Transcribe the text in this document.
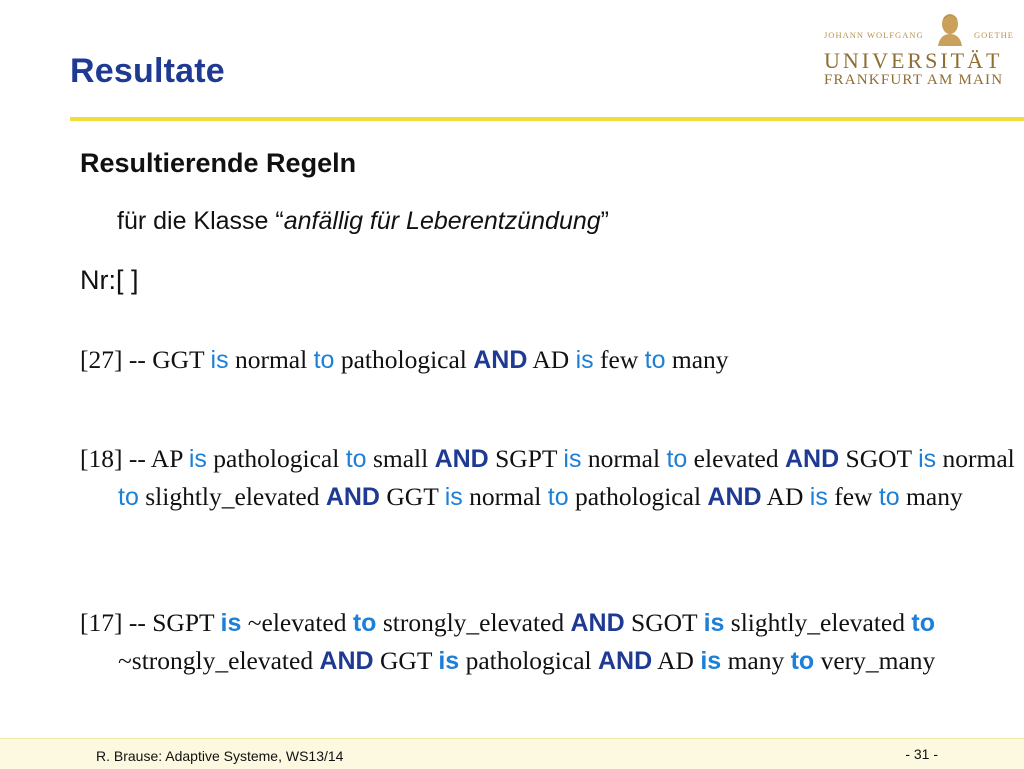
Resultate
JOHANN WOLFGANG	GOETHE
UNIVERSITÄT
FRANKFURT AM MAIN
Resultierende Regeln
für die Klasse “anfällig für Leberentzündung”
Nr:[ ]
[27] -- GGT is normal to pathological AND AD is few to many
[18] -- AP is pathological to small AND SGPT is normal to elevated AND SGOT is normal to slightly_elevated AND GGT is normal to pathological AND AD is few to many
[17] -- SGPT is ~elevated to strongly_elevated AND SGOT is slightly_elevated to ~strongly_elevated AND GGT is pathological AND AD is many to very_many
R. Brause: Adaptive Systeme, WS13/14	- 31 -
